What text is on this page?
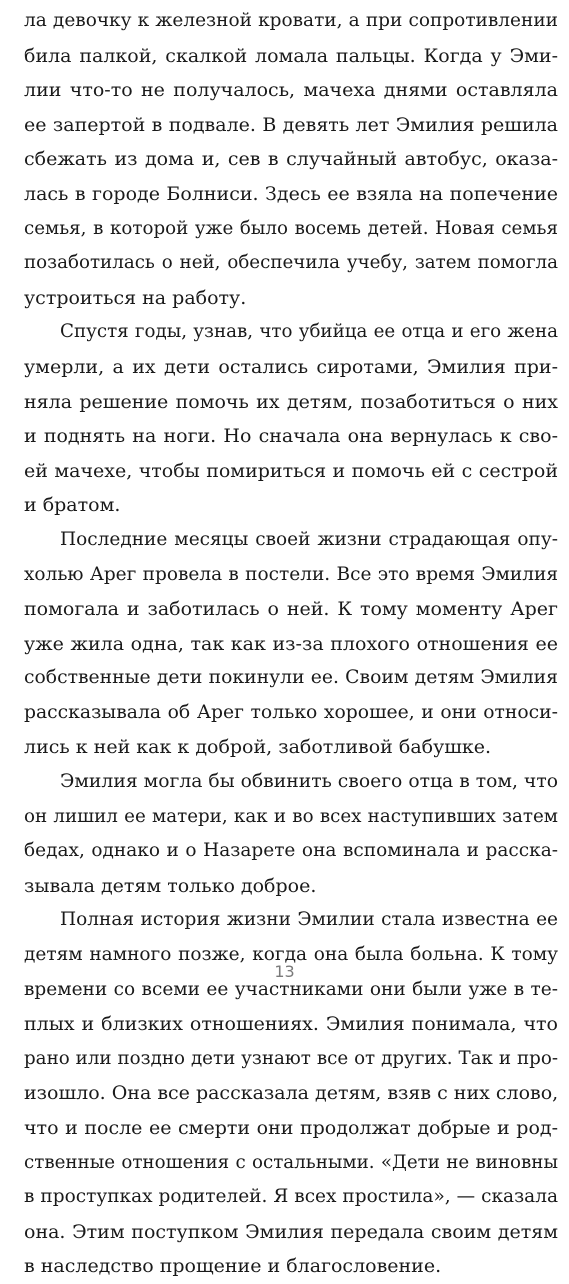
ла девочку к железной кровати, а при сопротивлении
била палкой, скалкой ломала пальцы. Когда у Эми-
лии что-то не получалось, мачеха днями оставляла
ее запертой в подвале. В девять лет Эмилия решила
сбежать из дома и, сев в случайный автобус, оказа-
лась в городе Болниси. Здесь ее взяла на попечение
семья, в которой уже было восемь детей. Новая семья
позаботилась о ней, обеспечила учебу, затем помогла
устроиться на работу.
Спустя годы, узнав, что убийца ее отца и его жена
умерли, а их дети остались сиротами, Эмилия при-
няла решение помочь их детям, позаботиться о них
и поднять на ноги. Но сначала она вернулась к сво-
ей мачехе, чтобы помириться и помочь ей с сестрой
и братом.
Последние месяцы своей жизни страдающая опу-
холью Арег провела в постели. Все это время Эмилия
помогала и заботилась о ней. К тому моменту Арег
уже жила одна, так как из-за плохого отношения ее
собственные дети покинули ее. Своим детям Эмилия
рассказывала об Арег только хорошее, и они относи-
лись к ней как к доброй, заботливой бабушке.
Эмилия могла бы обвинить своего отца в том, что
он лишил ее матери, как и во всех наступивших затем
бедах, однако и о Назарете она вспоминала и расска-
зывала детям только доброе.
Полная история жизни Эмилии стала известна ее
детям намного позже, когда она была больна. К тому
времени со всеми ее участниками они были уже в те-
плых и близких отношениях. Эмилия понимала, что
рано или поздно дети узнают все от других. Так и про-
изошло. Она все рассказала детям, взяв с них слово,
что и после ее смерти они продолжат добрые и род-
ственные отношения с остальными. «Дети не виновны
в проступках родителей. Я всех простила», — сказала
она. Этим поступком Эмилия передала своим детям
в наследство прощение и благословение.
13
